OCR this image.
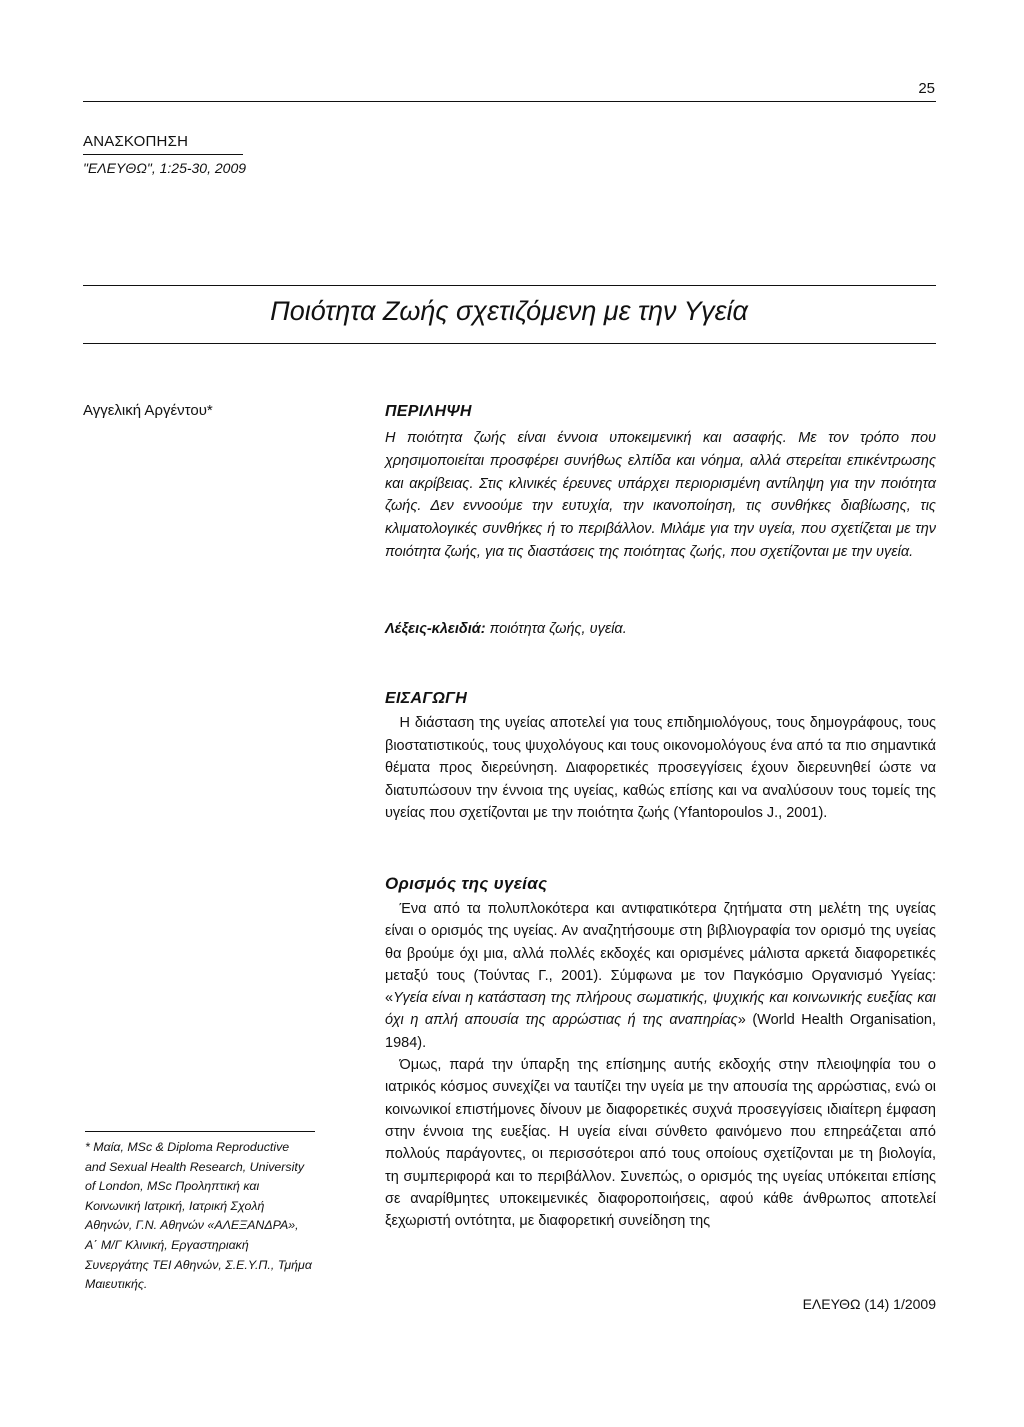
25
ΑΝΑΣΚΟΠΗΣΗ
"ΕΛΕΥΘΩ", 1:25-30, 2009
Ποιότητα Ζωής σχετιζόμενη με την Υγεία
Αγγελική Αργέντου*	ΠΕΡΙΛΗΨΗ
Η ποιότητα ζωής είναι έννοια υποκειμενική και ασαφής. Με τον τρόπο που χρησιμοποιείται προσφέρει συνήθως ελπίδα και νόημα, αλλά στερείται επικέντρωσης και ακρίβειας. Στις κλινικές έρευνες υπάρχει περιορισμένη αντίληψη για την ποιότητα ζωής. Δεν εννοούμε την ευτυχία, την ικανοποίηση, τις συνθήκες διαβίωσης, τις κλιματολογικές συνθήκες ή το περιβάλλον. Μιλάμε για την υγεία, που σχετίζεται με την ποιότητα ζωής, για τις διαστάσεις της ποιότητας ζωής, που σχετίζονται με την υγεία.
Λέξεις-κλειδιά: ποιότητα ζωής, υγεία.
ΕΙΣΑΓΩΓΗ
Η διάσταση της υγείας αποτελεί για τους επιδημιολόγους, τους δημογράφους, τους βιοστατιστικούς, τους ψυχολόγους και τους οικονομολόγους ένα από τα πιο σημαντικά θέματα προς διερεύνηση. Διαφορετικές προσεγγίσεις έχουν διερευνηθεί ώστε να διατυπώσουν την έννοια της υγείας, καθώς επίσης και να αναλύσουν τους τομείς της υγείας που σχετίζονται με την ποιότητα ζωής (Yfantopoulos J., 2001).
Ορισμός της υγείας

Ένα από τα πολυπλοκότερα και αντιφατικότερα ζητήματα στη μελέτη της υγείας είναι ο ορισμός της υγείας. Αν αναζητήσουμε στη βιβλιογραφία τον ορισμό της υγείας θα βρούμε όχι μια, αλλά πολλές εκδοχές και ορισμένες μάλιστα αρκετά διαφορετικές μεταξύ τους (Τούντας Γ., 2001). Σύμφωνα με τον Παγκόσμιο Οργανισμό Υγείας: «Υγεία είναι η κατάσταση της πλήρους σωματικής, ψυχικής και κοινωνικής ευεξίας και όχι η απλή απουσία της αρρώστιας ή της αναπηρίας» (World Health Organisation, 1984).

Όμως, παρά την ύπαρξη της επίσημης αυτής εκδοχής στην πλειοψηφία του ο ιατρικός κόσμος συνεχίζει να ταυτίζει την υγεία με την απουσία της αρρώστιας, ενώ οι κοινωνικοί επιστήμονες δίνουν με διαφορετικές συχνά προσεγγίσεις ιδιαίτερη έμφαση στην έννοια της ευεξίας. Η υγεία είναι σύνθετο φαινόμενο που επηρεάζεται από πολλούς παράγοντες, οι περισσότεροι από τους οποίους σχετίζονται με τη βιολογία, τη συμπεριφορά και το περιβάλλον. Συνεπώς, ο ορισμός της υγείας υπόκειται επίσης σε αναρίθμητες υποκειμενικές διαφοροποιήσεις, αφού κάθε άνθρωπος αποτελεί ξεχωριστή οντότητα, με διαφορετική συνείδηση της

* Μαία, MSc & Diploma Reproductive and Sexual Health Research, University of London, MSc Προληπτική και Κοινωνική Ιατρική, Ιατρική Σχολή Αθηνών, Γ.Ν. Αθηνών «ΑΛΕΞΑΝΔΡΑ», Α΄ Μ/Γ Κλινική, Εργαστηριακή Συνεργάτης ΤΕΙ Αθηνών, Σ.Ε.Υ.Π., Τμήμα Μαιευτικής.
ΕΛΕΥΘΩ (14) 1/2009
